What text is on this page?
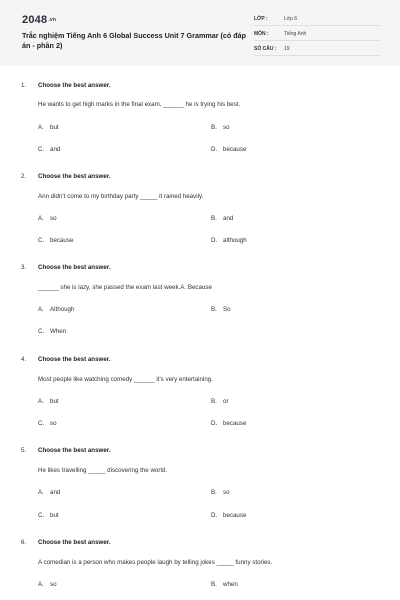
2048.vn
Trắc nghiệm Tiếng Anh 6 Global Success Unit 7 Grammar (có đáp án - phần 2)
LỚP :	Lớp 6
MÔN :	Tiếng Anh
SỐ CÂU : 19
1. Choose the best answer.
He wants to get high marks in the final exam, ______ he is trying his best.
A. but	B. so
C. and	D. because
2. Choose the best answer.
Ann didn’t come to my birthday party _____ it rained heavily.
A. so	B. and
C. because	D. although
3. Choose the best answer.
______ she is lazy, she passed the exam last week.A. Because
A. Although	B. So
C. When
4. Choose the best answer.
Most people like watching comedy ______ it’s very entertaining.
A. but	B. or
C. so	D. because
5. Choose the best answer.
He likes travelling _____ discovering the world.
A. and	B. so
C. but	D. because
6. Choose the best answer.
A comedian is a person who makes people laugh by telling jokes _____ funny stories.
A. so	B. when
